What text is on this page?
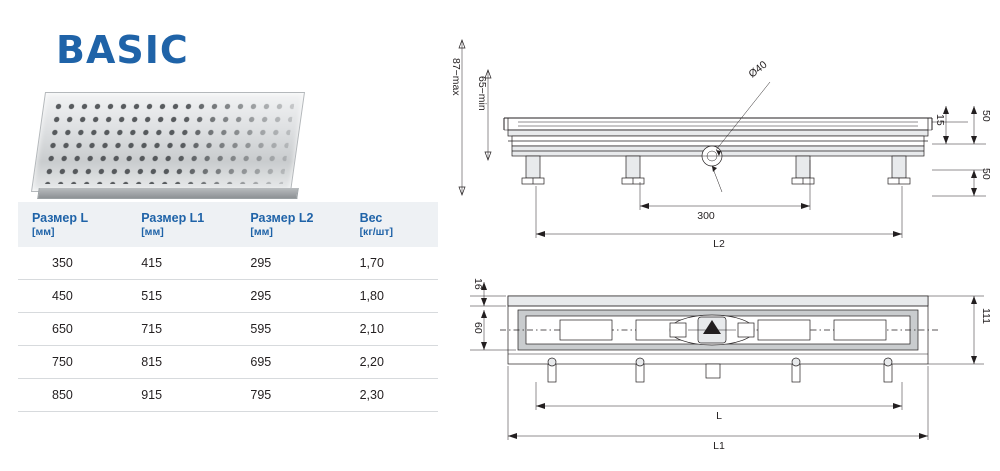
BASIC
Размер L	Размер L1	Размер L2	Вес
[мм]	[мм]	[мм]	[кг/шт]
350	415	295	1,70
450	515	295	1,80
650	715	595	2,10
750	815	695	2,20
850	915	795	2,30
Ø40
300
L2
15	50
50
87−max 65−min
16
60
111
L
L1
